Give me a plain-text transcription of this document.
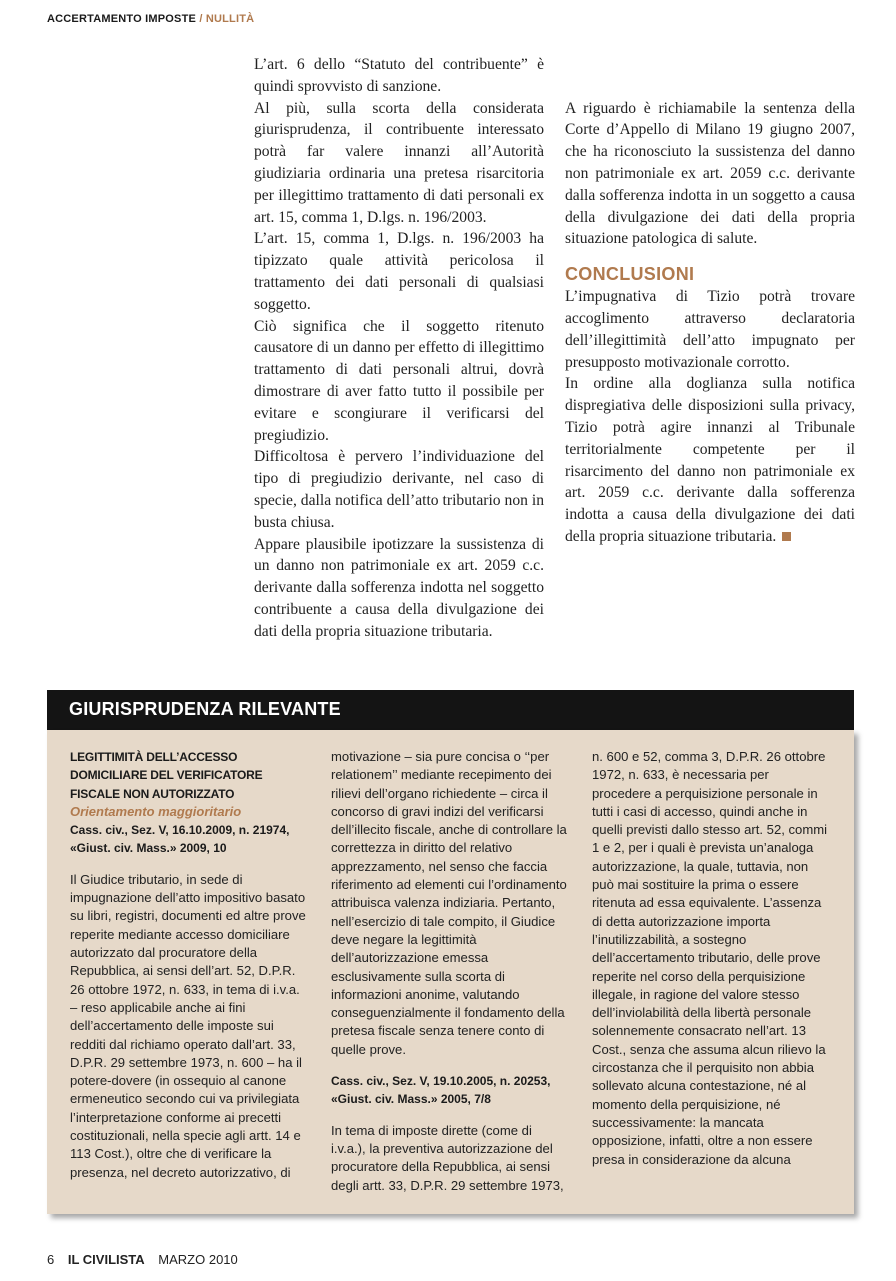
ACCERTAMENTO IMPOSTE / NULLITÀ

L’art. 6 dello “Statuto del contribuente” è quindi sprovvisto di sanzione.

Al più, sulla scorta della considerata giurisprudenza, il contribuente interessato potrà far valere innanzi all’Autorità giudiziaria ordinaria una pretesa risarcitoria per illegittimo trattamento di dati personali ex art. 15, comma 1, D.lgs. n. 196/2003.

L’art. 15, comma 1, D.lgs. n. 196/2003 ha tipizzato quale attività pericolosa il trattamento dei dati personali di qualsiasi soggetto.

Ciò significa che il soggetto ritenuto causatore di un danno per effetto di illegittimo trattamento di dati personali altrui, dovrà dimostrare di aver fatto tutto il possibile per evitare e scongiurare il verificarsi del pregiudizio.

Difficoltosa è pervero l’individuazione del tipo di pregiudizio derivante, nel caso di specie, dalla notifica dell’atto tributario non in busta chiusa.

Appare plausibile ipotizzare la sussistenza di un danno non patrimoniale ex art. 2059 c.c. derivante dalla sofferenza indotta nel soggetto contribuente a causa della divulgazione dei dati della propria situazione tributaria.

A riguardo è richiamabile la sentenza della Corte d’Appello di Milano 19 giugno 2007, che ha riconosciuto la sussistenza del danno non patrimoniale ex art. 2059 c.c. derivante dalla sofferenza indotta in un soggetto a causa della divulgazione dei dati della propria situazione patologica di salute.

CONCLUSIONI

L’impugnativa di Tizio potrà trovare accoglimento attraverso declaratoria dell’illegittimità dell’atto impugnato per presupposto motivazionale corrotto.

In ordine alla doglianza sulla notifica dispregiativa delle disposizioni sulla privacy, Tizio potrà agire innanzi al Tribunale territorialmente competente per il risarcimento del danno non patrimoniale ex art. 2059 c.c. derivante dalla sofferenza indotta a causa della divulgazione dei dati della propria situazione tributaria.

GIURISPRUDENZA RILEVANTE
LEGITTIMITÀ DELL’ACCESSO DOMICILIARE DEL VERIFICATORE FISCALE NON AUTORIZZATO
Orientamento maggioritario
Cass. civ., Sez. V, 16.10.2009, n. 21974, «Giust. civ. Mass.» 2009, 10

Il Giudice tributario, in sede di impugnazione dell’atto impositivo basato su libri, registri, documenti ed altre prove reperite mediante accesso domiciliare autorizzato dal procuratore della Repubblica, ai sensi dell’art. 52, D.P.R. 26 ottobre 1972, n. 633, in tema di i.v.a. – reso applicabile anche ai fini dell’accertamento delle imposte sui redditi dal richiamo operato dall’art. 33, D.P.R. 29 settembre 1973, n. 600 – ha il potere-dovere (in ossequio al canone ermeneutico secondo cui va privilegiata l’interpretazione conforme ai precetti costituzionali, nella specie agli artt. 14 e 113 Cost.), oltre che di verificare la presenza, nel decreto autorizzativo, di motivazione – sia pure concisa o ‘‘per relationem’’ mediante recepimento dei rilievi dell’organo richiedente – circa il concorso di gravi indizi del verificarsi dell’illecito fiscale, anche di controllare la correttezza in diritto del relativo apprezzamento, nel senso che faccia riferimento ad elementi cui l’ordinamento attribuisca valenza indiziaria. Pertanto, nell’esercizio di tale compito, il Giudice deve negare la legittimità dell’autorizzazione emessa esclusivamente sulla scorta di informazioni anonime, valutando conseguenzialmente il fondamento della pretesa fiscale senza tenere conto di quelle prove.

Cass. civ., Sez. V, 19.10.2005, n. 20253, «Giust. civ. Mass.» 2005, 7/8

In tema di imposte dirette (come di i.v.a.), la preventiva autorizzazione del procuratore della Repubblica, ai sensi degli artt. 33, D.P.R. 29 settembre 1973, n. 600 e 52, comma 3, D.P.R. 26 ottobre 1972, n. 633, è necessaria per procedere a perquisizione personale in tutti i casi di accesso, quindi anche in quelli previsti dallo stesso art. 52, commi 1 e 2, per i quali è prevista un’analoga autorizzazione, la quale, tuttavia, non può mai sostituire la prima o essere ritenuta ad essa equivalente. L’assenza di detta autorizzazione importa l’inutilizzabilità, a sostegno dell’accertamento tributario, delle prove reperite nel corso della perquisizione illegale, in ragione del valore stesso dell’inviolabilità della libertà personale solennemente consacrato nell’art. 13 Cost., senza che assuma alcun rilievo la circostanza che il perquisito non abbia sollevato alcuna contestazione, né al momento della perquisizione, né successivamente: la mancata opposizione, infatti, oltre a non essere presa in considerazione da alcuna

6 IL CIVILISTA MARZO 2010
